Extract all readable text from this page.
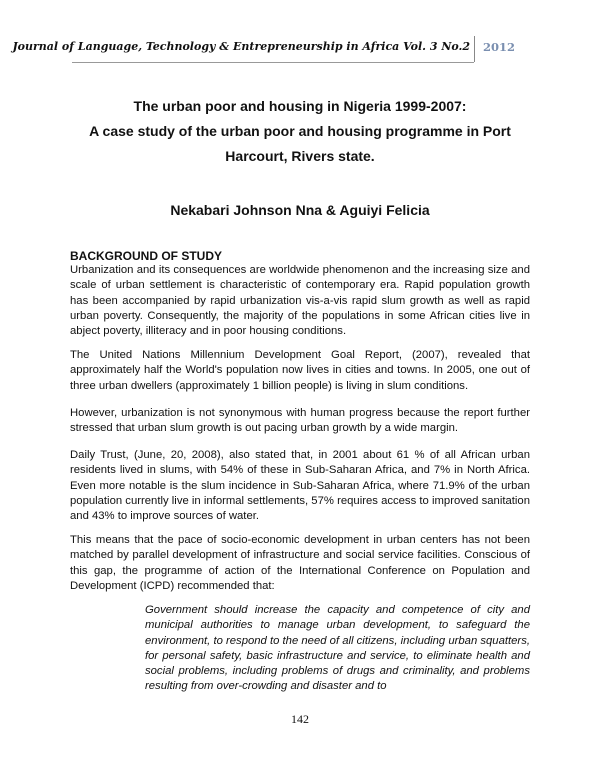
Journal of Language, Technology & Entrepreneurship in Africa Vol. 3 No.2 2012
The urban poor and housing in Nigeria 1999-2007:
A case study of the urban poor and housing programme in Port
Harcourt, Rivers state.
Nekabari Johnson Nna & Aguiyi Felicia
BACKGROUND OF STUDY

Urbanization and its consequences are worldwide phenomenon and the increasing size and scale of urban settlement is characteristic of contemporary era. Rapid population growth has been accompanied by rapid urbanization vis-a-vis rapid slum growth as well as rapid urban poverty. Consequently, the majority of the populations in some African cities live in abject poverty, illiteracy and in poor housing conditions.

The United Nations Millennium Development Goal Report, (2007), revealed that approximately half the World's population now lives in cities and towns. In 2005, one out of three urban dwellers (approximately 1 billion people) is living in slum conditions.

However, urbanization is not synonymous with human progress because the report further stressed that urban slum growth is out pacing urban growth by a wide margin.

Daily Trust, (June, 20, 2008), also stated that, in 2001 about 61 % of all African urban residents lived in slums, with 54% of these in Sub-Saharan Africa, and 7% in North Africa. Even more notable is the slum incidence in Sub-Saharan Africa, where 71.9% of the urban population currently live in informal settlements, 57% requires access to improved sanitation and 43% to improve sources of water.

This means that the pace of socio-economic development in urban centers has not been matched by parallel development of infrastructure and social service facilities. Conscious of this gap, the programme of action of the International Conference on Population and Development (ICPD) recommended that:

Government should increase the capacity and competence of city and municipal authorities to manage urban development, to safeguard the environment, to respond to the need of all citizens, including urban squatters, for personal safety, basic infrastructure and service, to eliminate health and social problems, including problems of drugs and criminality, and problems resulting from over-crowding and disaster and to

142
